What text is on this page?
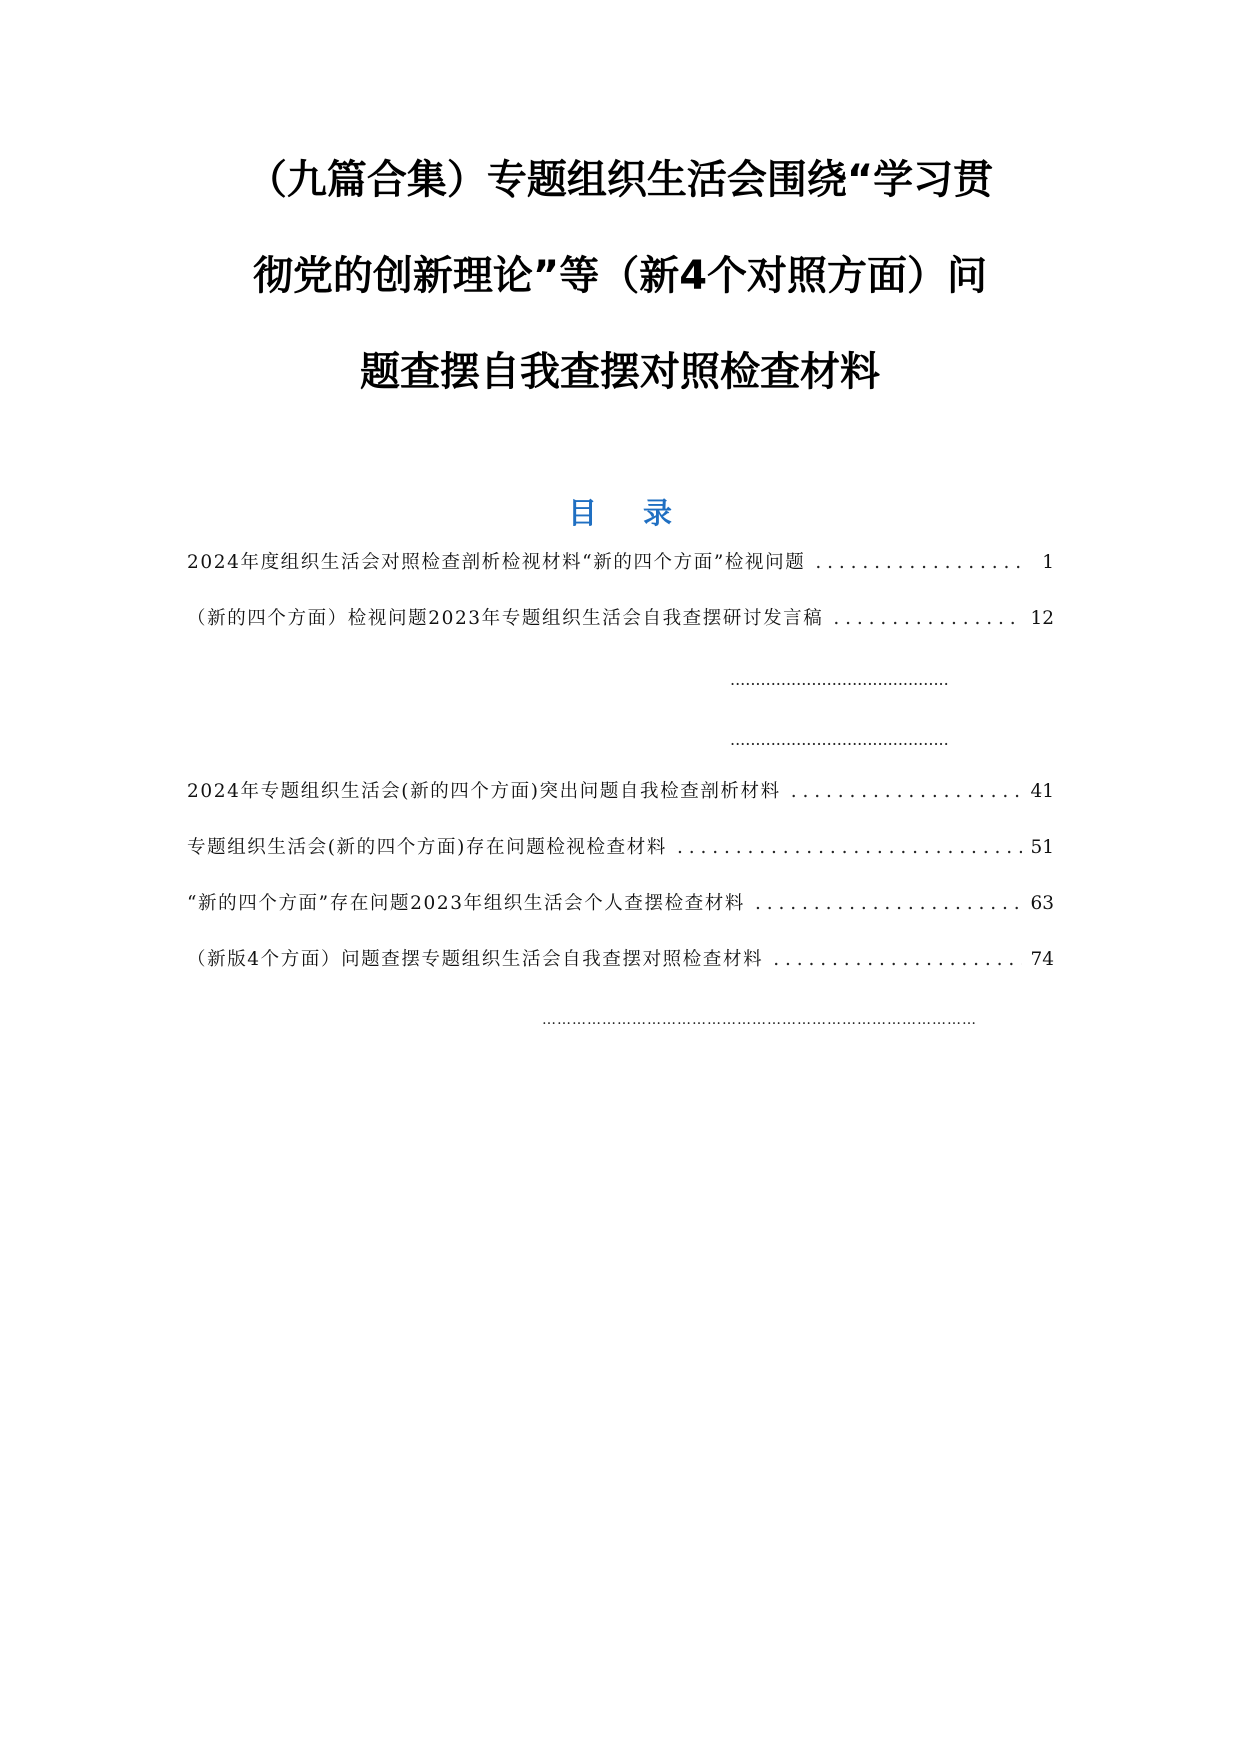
（九篇合集）专题组织生活会围绕“学习贯
彻党的创新理论”等（新4个对照方面）问
题查摆自我查摆对照检查材料
目 录
2024年度组织生活会对照检查剖析检视材料“新的四个方面”检视问题 . . .	1
（新的四个方面）检视问题2023年专题组织生活会自我查摆研讨发言稿 . . .	12
...........................................
...........................................
2024年专题组织生活会(新的四个方面)突出问题自我检查剖析材料 . . .	41
专题组织生活会(新的四个方面)存在问题检视检查材料 . . .	51
“新的四个方面”存在问题2023年组织生活会个人查摆检查材料 . . .	63
（新版4个方面）问题查摆专题组织生活会自我查摆对照检查材料 . . .	74
……………………………………………………………………………
